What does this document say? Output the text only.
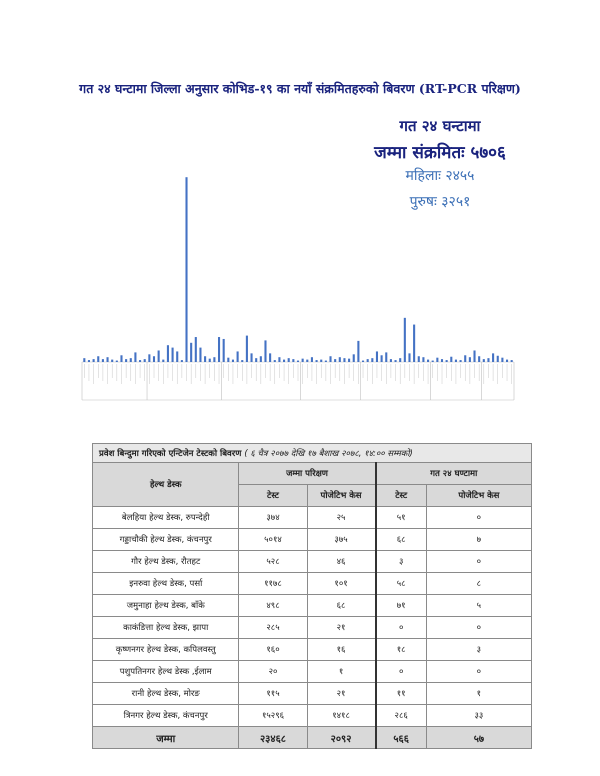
गत २४ घन्टामा जिल्ला अनुसार कोभिड-१९ का नयाँ संक्रमितहरुको बिवरण (RT-PCR परिक्षण)
गत २४ घन्टामा
जम्मा संक्रमितः ५७०६
महिलाः २४५५
पुरुषः ३२५१
प्रवेश बिन्दुमा गरिएको एन्टिजेन टेस्टको बिवरण ( ६ चैत्र २०७७ देखि १७ बैशाख २०७८, १४:०० सम्मको)				
हेल्थ डेस्क	जम्मा परिक्षण		गत २४ घण्टामा	
	टेस्ट	पोजेटिभ केस	टेस्ट	पोजेटिभ केस
बेलहिया हेल्थ डेस्क, रुपन्देही	३७४	२५	५१	०
गड्डाचौकी हेल्थ डेस्क, कंचनपुर	५०१४	३७५	६८	७
गौर हेल्थ डेस्क, रौतहट	५२८	४६	३	०
इनरुवा हेल्थ डेस्क, पर्सा	११७८	१०१	५८	८
जमुनाहा हेल्थ डेस्क, बाँके	४९८	६८	७१	५
काकंडित्ता हेल्थ डेस्क, झापा	२८५	२१	०	०
कृष्णनगर हेल्थ डेस्क, कपिलवस्तु	१६०	१६	१८	३
पशुपतिनगर हेल्थ डेस्क ,ईलाम	२०	१	०	०
रानी हेल्थ डेस्क, मोरङ	११५	२१	११	१
त्रिनगर हेल्थ डेस्क, कंचनपुर	१५२९६	१४१८	२८६	३३
जम्मा	२३४६८	२०९२	५६६	५७
